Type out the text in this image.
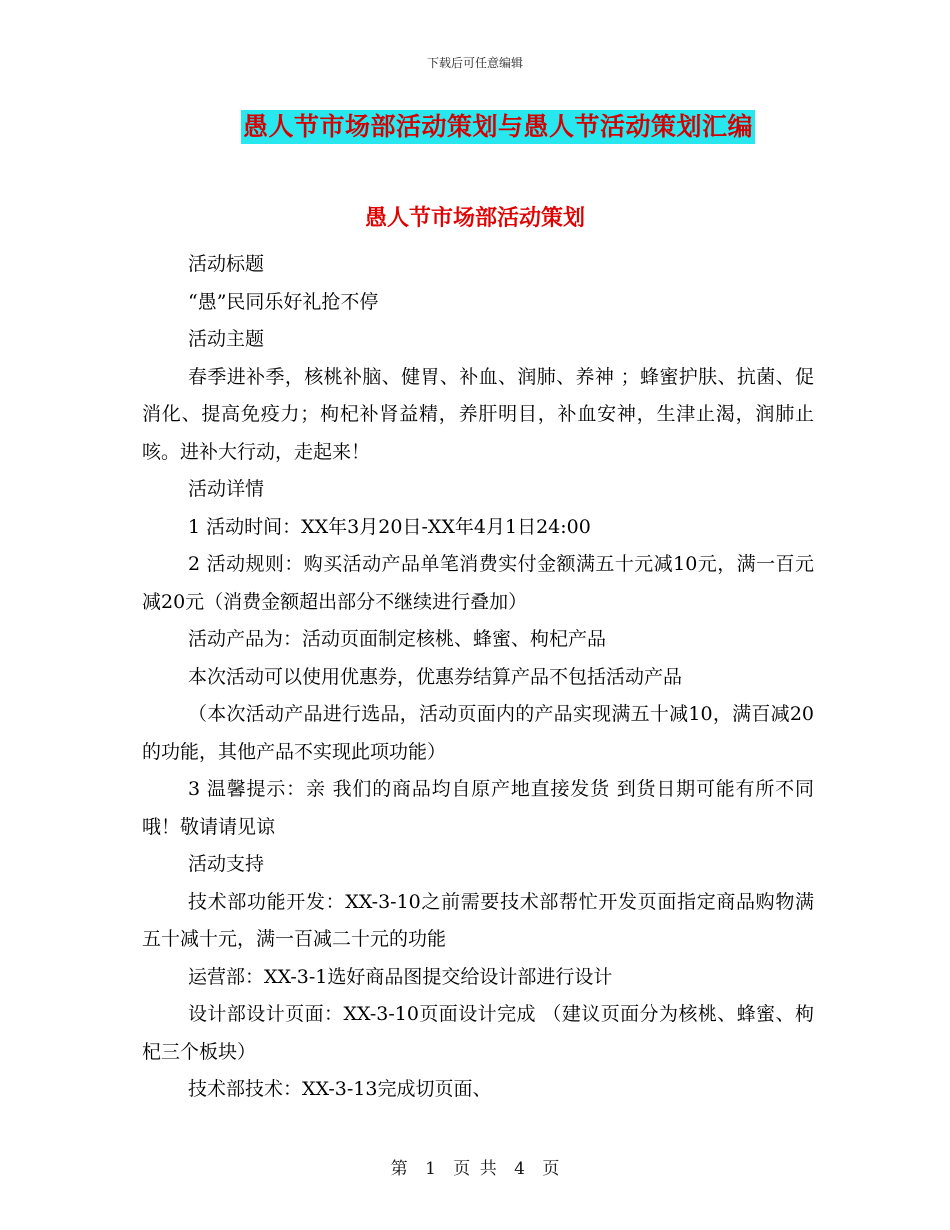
下载后可任意编辑
愚人节市场部活动策划与愚人节活动策划汇编
愚人节市场部活动策划

活动标题

“愚”民同乐好礼抢不停

活动主题

春季进补季，核桃补脑、健胃、补血、润肺、养神 ；蜂蜜护肤、抗菌、促消化、提高免疫力；枸杞补肾益精，养肝明目，补血安神，生津止渴，润肺止咳。进补大行动，走起来！

活动详情

1 活动时间：XX年3月20日-XX年4月1日24:00

2 活动规则：购买活动产品单笔消费实付金额满五十元减10元，满一百元减20元（消费金额超出部分不继续进行叠加）

活动产品为：活动页面制定核桃、蜂蜜、枸杞产品

本次活动可以使用优惠券，优惠券结算产品不包括活动产品

（本次活动产品进行选品，活动页面内的产品实现满五十减10，满百减20的功能，其他产品不实现此项功能）

3 温馨提示：亲 我们的商品均自原产地直接发货 到货日期可能有所不同哦！敬请请见谅

活动支持

技术部功能开发：XX-3-10之前需要技术部帮忙开发页面指定商品购物满五十减十元，满一百减二十元的功能

运营部：XX-3-1选好商品图提交给设计部进行设计

设计部设计页面：XX-3-10页面设计完成 （建议页面分为核桃、蜂蜜、枸杞三个板块）

技术部技术：XX-3-13完成切页面、

第 1 页 共 4 页
